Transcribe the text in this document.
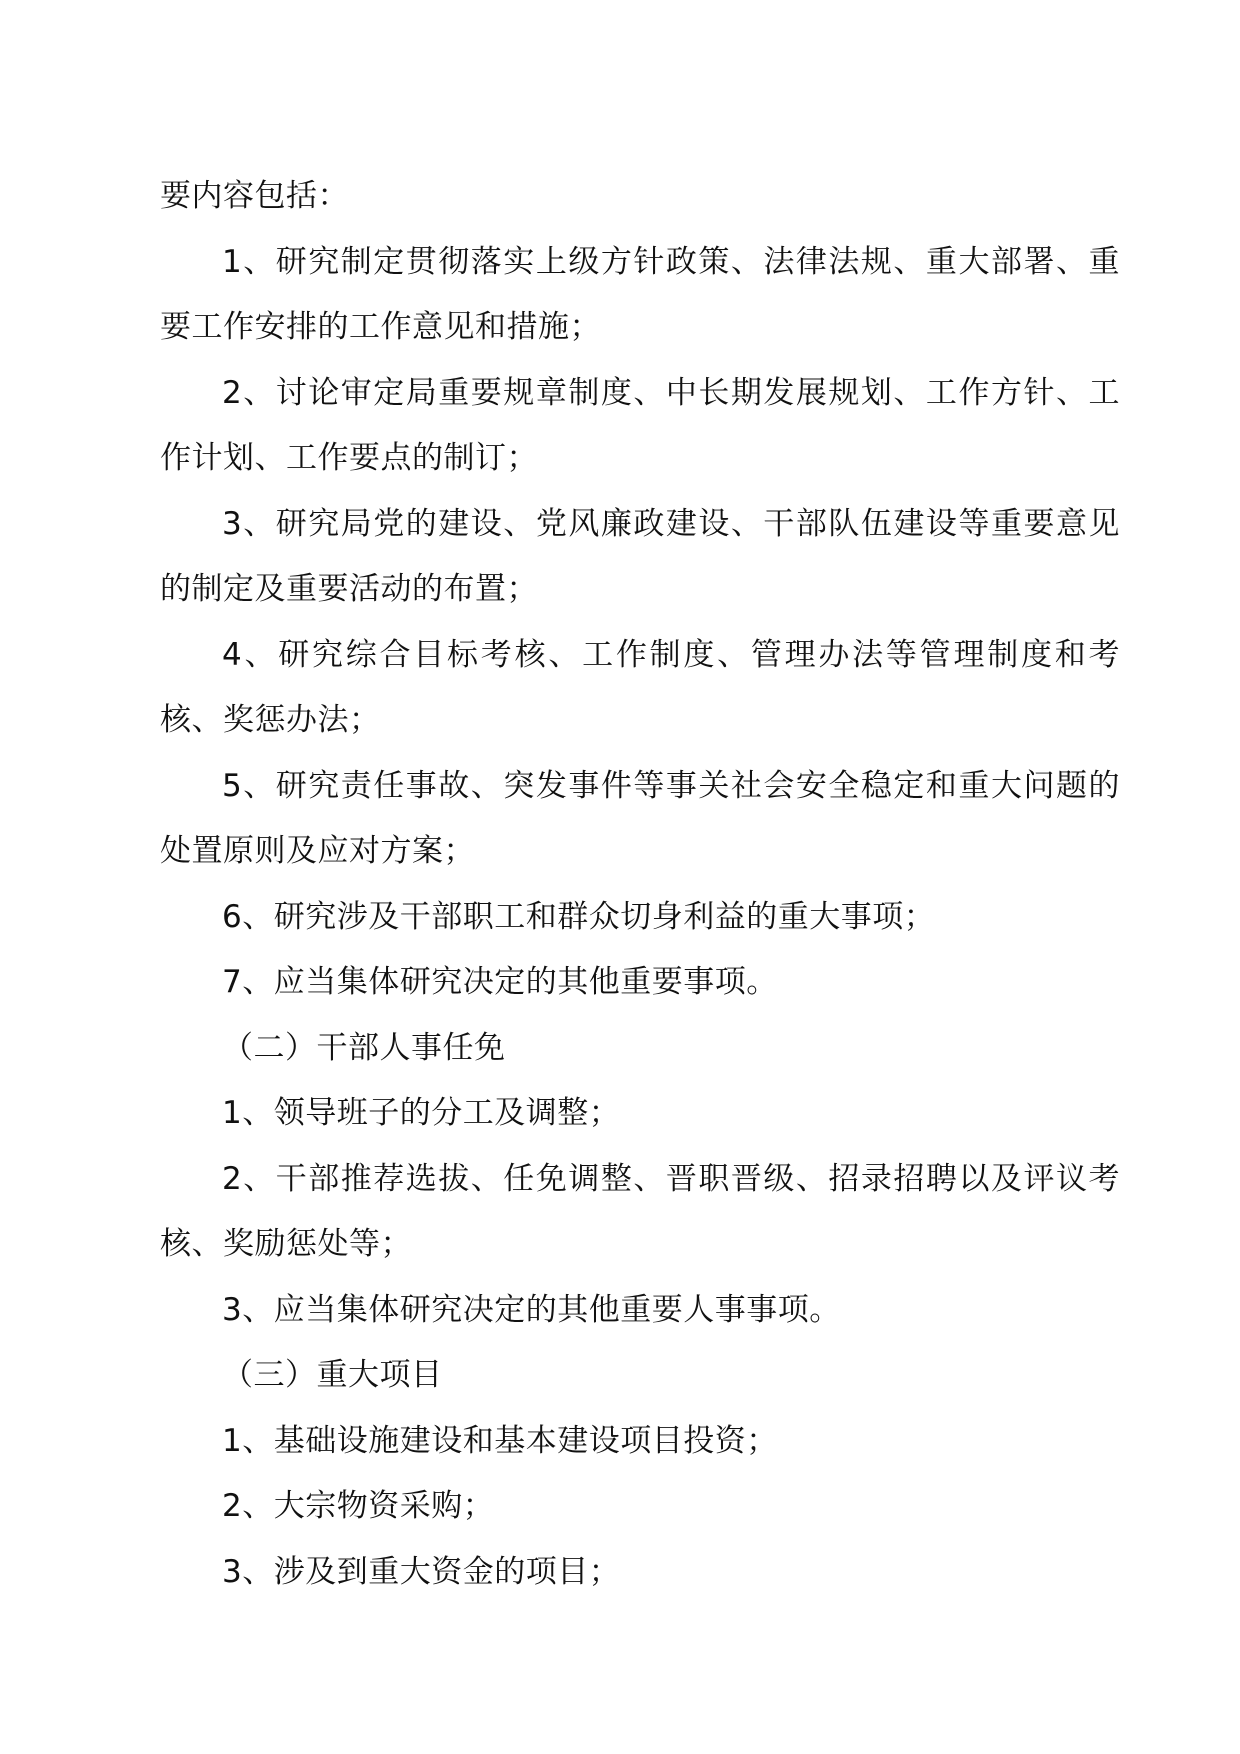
要内容包括：

1、研究制定贯彻落实上级方针政策、法律法规、重大部署、重要工作安排的工作意见和措施；

2、讨论审定局重要规章制度、中长期发展规划、工作方针、工作计划、工作要点的制订；

3、研究局党的建设、党风廉政建设、干部队伍建设等重要意见的制定及重要活动的布置；

4、研究综合目标考核、工作制度、管理办法等管理制度和考核、奖惩办法；

5、研究责任事故、突发事件等事关社会安全稳定和重大问题的处置原则及应对方案；

6、研究涉及干部职工和群众切身利益的重大事项；

7、应当集体研究决定的其他重要事项。

（二）干部人事任免

1、领导班子的分工及调整；

2、干部推荐选拔、任免调整、晋职晋级、招录招聘以及评议考核、奖励惩处等；

3、应当集体研究决定的其他重要人事事项。

（三）重大项目

1、基础设施建设和基本建设项目投资；

2、大宗物资采购；

3、涉及到重大资金的项目；
